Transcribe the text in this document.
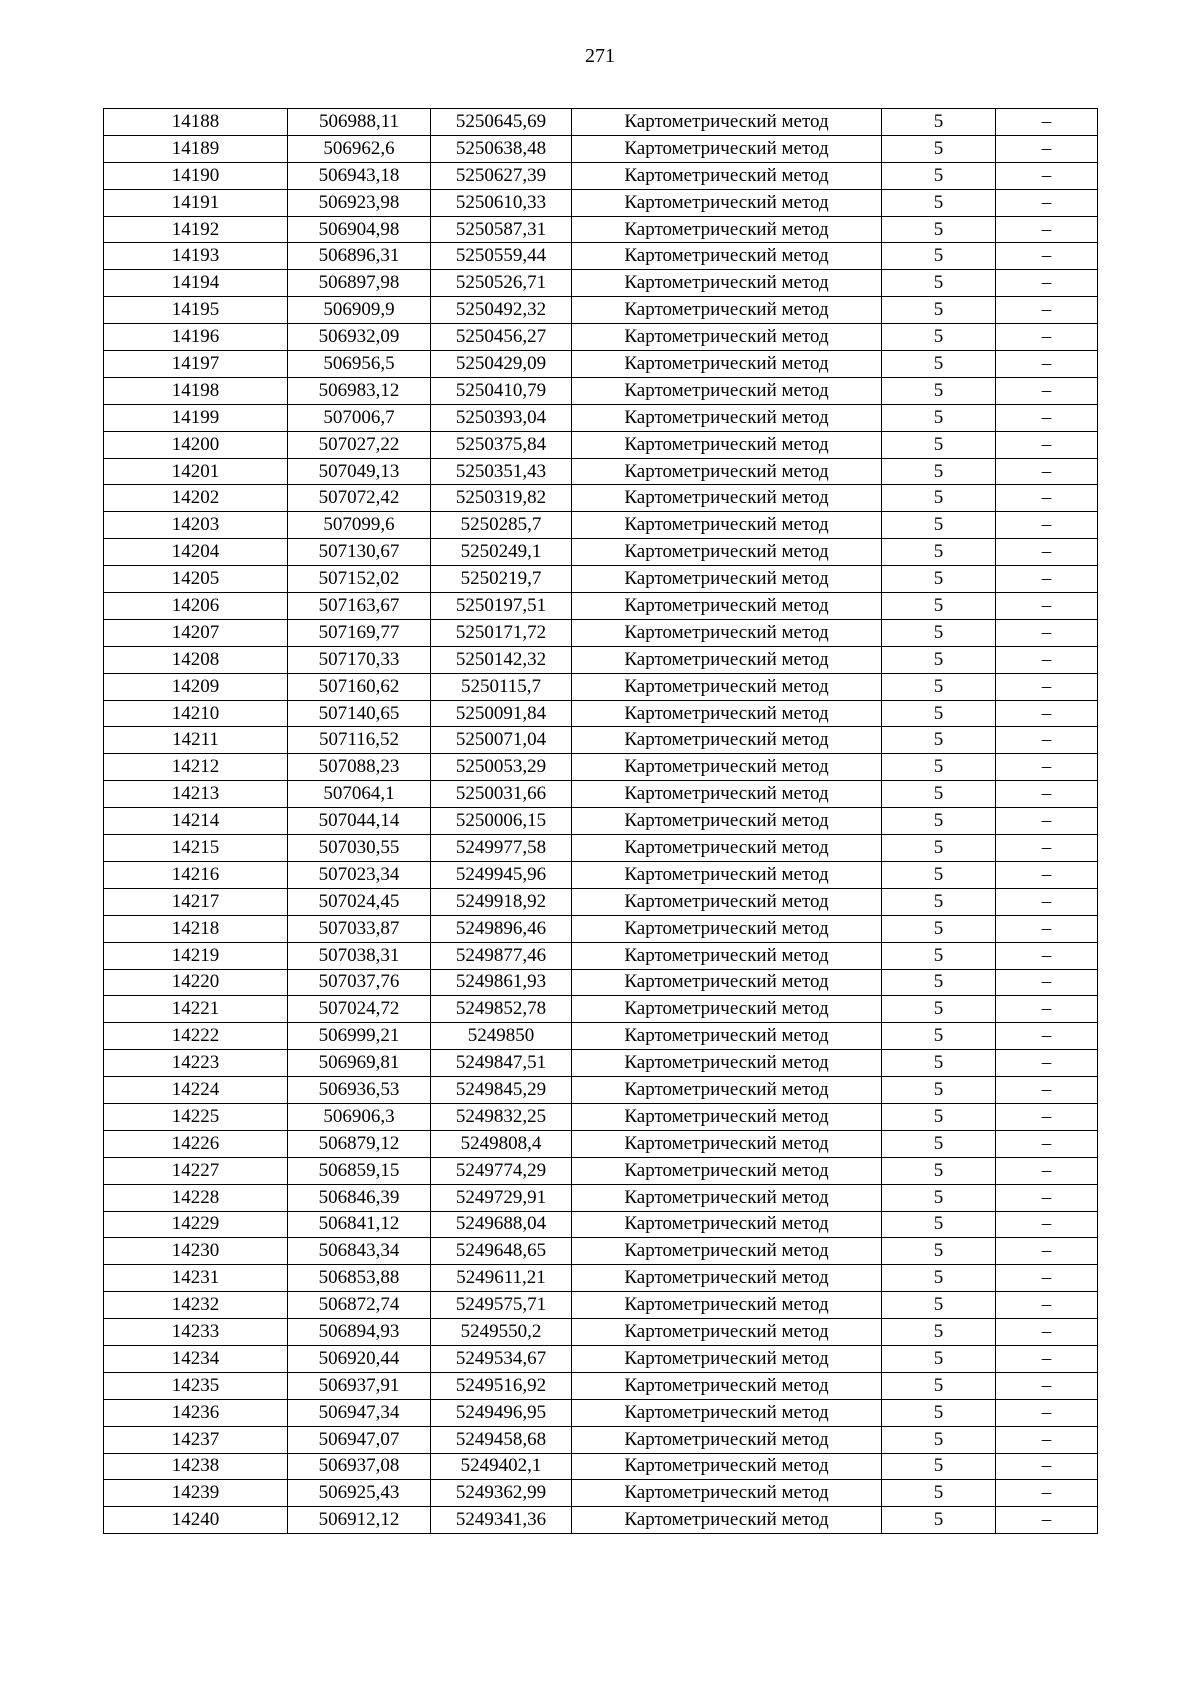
271
14188	506988,11	5250645,69	Картометрический метод	5	–
14189	506962,6	5250638,48	Картометрический метод	5	–
14190	506943,18	5250627,39	Картометрический метод	5	–
14191	506923,98	5250610,33	Картометрический метод	5	–
14192	506904,98	5250587,31	Картометрический метод	5	–
14193	506896,31	5250559,44	Картометрический метод	5	–
14194	506897,98	5250526,71	Картометрический метод	5	–
14195	506909,9	5250492,32	Картометрический метод	5	–
14196	506932,09	5250456,27	Картометрический метод	5	–
14197	506956,5	5250429,09	Картометрический метод	5	–
14198	506983,12	5250410,79	Картометрический метод	5	–
14199	507006,7	5250393,04	Картометрический метод	5	–
14200	507027,22	5250375,84	Картометрический метод	5	–
14201	507049,13	5250351,43	Картометрический метод	5	–
14202	507072,42	5250319,82	Картометрический метод	5	–
14203	507099,6	5250285,7	Картометрический метод	5	–
14204	507130,67	5250249,1	Картометрический метод	5	–
14205	507152,02	5250219,7	Картометрический метод	5	–
14206	507163,67	5250197,51	Картометрический метод	5	–
14207	507169,77	5250171,72	Картометрический метод	5	–
14208	507170,33	5250142,32	Картометрический метод	5	–
14209	507160,62	5250115,7	Картометрический метод	5	–
14210	507140,65	5250091,84	Картометрический метод	5	–
14211	507116,52	5250071,04	Картометрический метод	5	–
14212	507088,23	5250053,29	Картометрический метод	5	–
14213	507064,1	5250031,66	Картометрический метод	5	–
14214	507044,14	5250006,15	Картометрический метод	5	–
14215	507030,55	5249977,58	Картометрический метод	5	–
14216	507023,34	5249945,96	Картометрический метод	5	–
14217	507024,45	5249918,92	Картометрический метод	5	–
14218	507033,87	5249896,46	Картометрический метод	5	–
14219	507038,31	5249877,46	Картометрический метод	5	–
14220	507037,76	5249861,93	Картометрический метод	5	–
14221	507024,72	5249852,78	Картометрический метод	5	–
14222	506999,21	5249850	Картометрический метод	5	–
14223	506969,81	5249847,51	Картометрический метод	5	–
14224	506936,53	5249845,29	Картометрический метод	5	–
14225	506906,3	5249832,25	Картометрический метод	5	–
14226	506879,12	5249808,4	Картометрический метод	5	–
14227	506859,15	5249774,29	Картометрический метод	5	–
14228	506846,39	5249729,91	Картометрический метод	5	–
14229	506841,12	5249688,04	Картометрический метод	5	–
14230	506843,34	5249648,65	Картометрический метод	5	–
14231	506853,88	5249611,21	Картометрический метод	5	–
14232	506872,74	5249575,71	Картометрический метод	5	–
14233	506894,93	5249550,2	Картометрический метод	5	–
14234	506920,44	5249534,67	Картометрический метод	5	–
14235	506937,91	5249516,92	Картометрический метод	5	–
14236	506947,34	5249496,95	Картометрический метод	5	–
14237	506947,07	5249458,68	Картометрический метод	5	–
14238	506937,08	5249402,1	Картометрический метод	5	–
14239	506925,43	5249362,99	Картометрический метод	5	–
14240	506912,12	5249341,36	Картометрический метод	5	–
